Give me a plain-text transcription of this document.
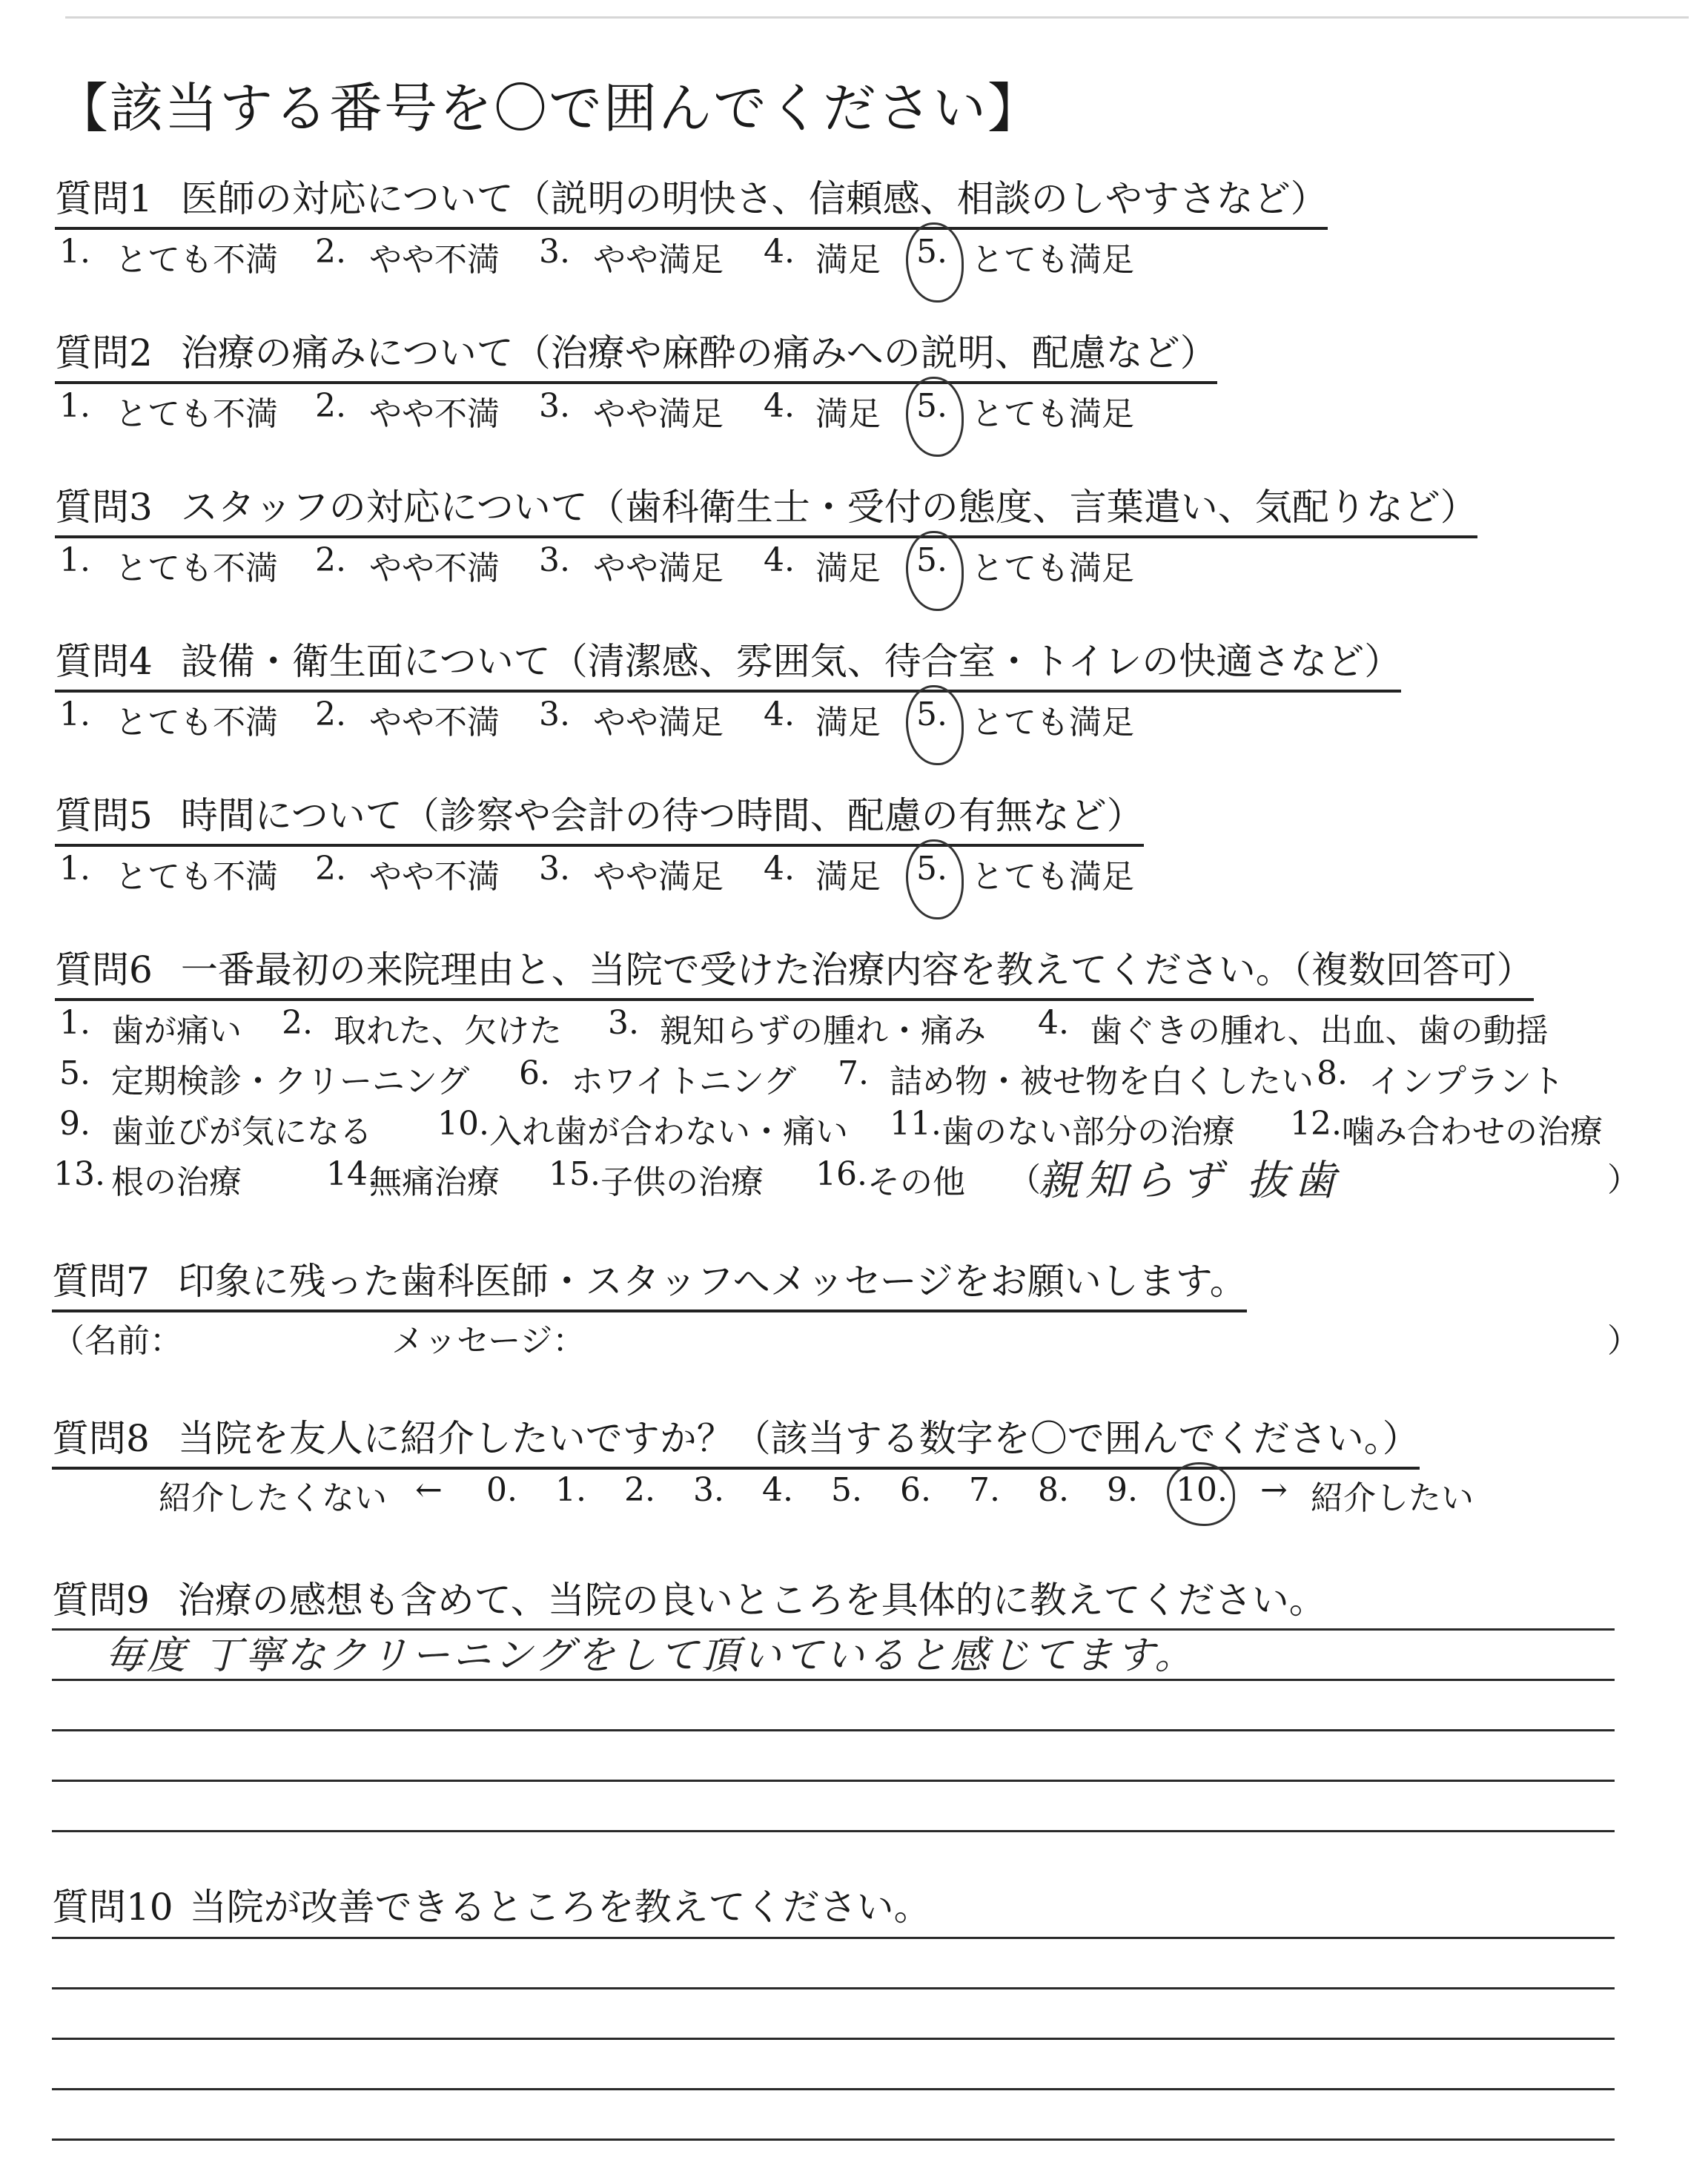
【該当する番号を〇で囲んでください】
質問1 医師の対応について（説明の明快さ、信頼感、相談のしやすさなど）
1. とても不満 2. やや不満 3. やや満足 4. 満足 5. とても満足
質問2 治療の痛みについて（治療や麻酔の痛みへの説明、配慮など）
1. とても不満 2. やや不満 3. やや満足 4. 満足 5. とても満足
質問3 スタッフの対応について（歯科衛生士・受付の態度、言葉遣い、気配りなど）
1. とても不満 2. やや不満 3. やや満足 4. 満足 5. とても満足
質問4 設備・衛生面について（清潔感、雰囲気、待合室・トイレの快適さなど）
1. とても不満 2. やや不満 3. やや満足 4. 満足 5. とても満足
質問5 時間について（診察や会計の待つ時間、配慮の有無など）
1. とても不満 2. やや不満 3. やや満足 4. 満足 5. とても満足
質問6 一番最初の来院理由と、当院で受けた治療内容を教えてください。（複数回答可）
1. 歯が痛い 2. 取れた、欠けた 3. 親知らずの腫れ・痛み 4. 歯ぐきの腫れ、出血、歯の動揺
5. 定期検診・クリーニング 6. ホワイトニング 7. 詰め物・被せ物を白くしたい 8. インプラント
9. 歯並びが気になる 10. 入れ歯が合わない・痛い 11. 歯のない部分の治療 12. 噛み合わせの治療
13. 根の治療	14.
無痛治療 15. 子供の治療 16. その他 （
親知らず 抜歯	）
質問7 印象に残った歯科医師・スタッフへメッセージをお願いします。
（名前：	メッセージ：	）
質問8 当院を友人に紹介したいですか？（該当する数字を〇で囲んでください。）
紹介したくない ← 0. 1. 2. 3. 4. 5. 6. 7. 8. 9. 10. → 紹介したい
質問9 治療の感想も含めて、当院の良いところを具体的に教えてください。
毎度 丁寧なクリーニングをして頂いていると感じてます。
質問10 当院が改善できるところを教えてください。
